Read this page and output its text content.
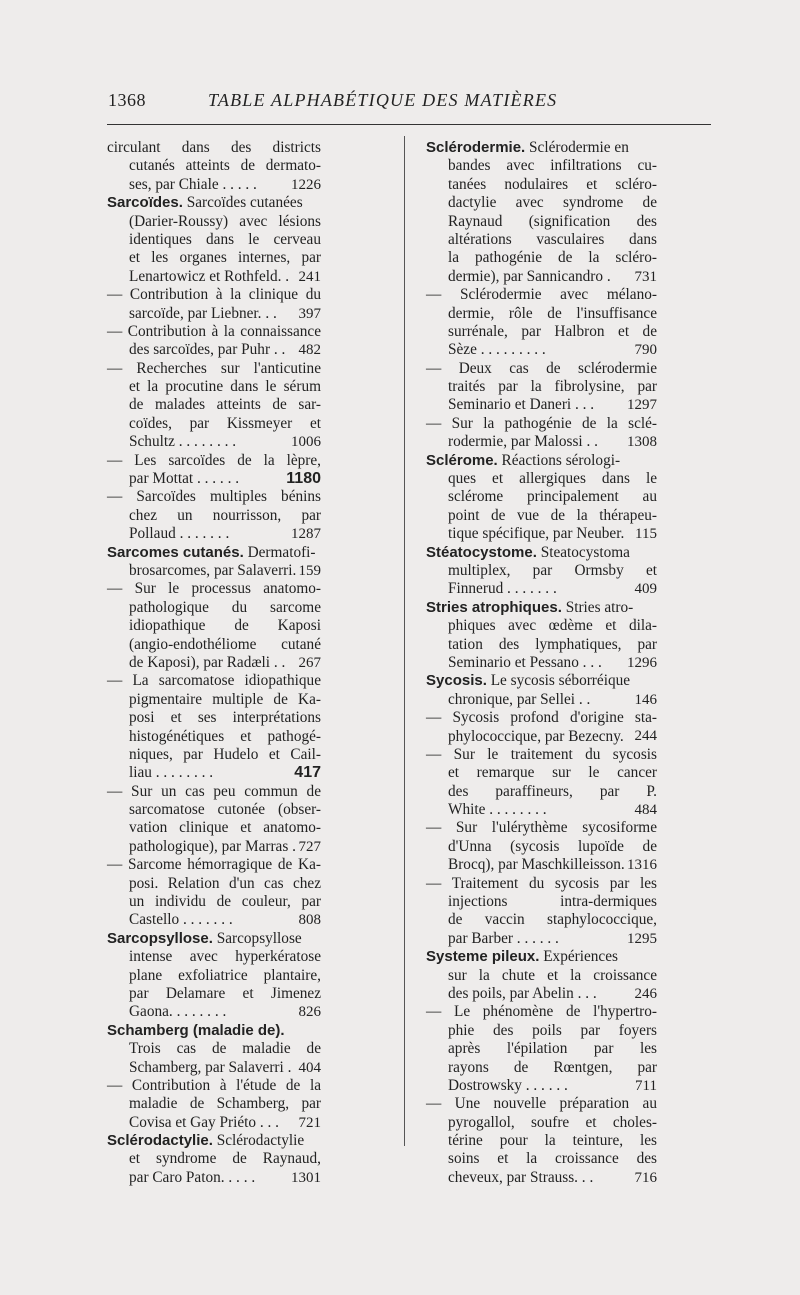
1368	TABLE ALPHABÉTIQUE DES MATIÈRES
circulant dans des districts
cutanés atteints de dermato-
ses, par Chiale . . . . .	1226
Sarcoïdes. Sarcoïdes cutanées
(Darier-Roussy) avec lésions
identiques dans le cerveau
et les organes internes, par
Lenartowicz et Rothfeld. . 241
— Contribution à la clinique du
sarcoïde, par Liebner. . .	397
— Contribution à la connaissance
des sarcoïdes, par Puhr . . 482
— Recherches sur l'anticutine
et la procutine dans le sérum
de malades atteints de sar-
coïdes, par Kissmeyer et
Schultz . . . . . . . .	1006
— Les sarcoïdes de la lèpre,
par Mottat . . . . . .	1180
— Sarcoïdes multiples bénins
chez un nourrisson, par
Pollaud . . . . . . .	1287
Sarcomes cutanés. Dermatofi-
brosarcomes, par Salaverri. 159
— Sur le processus anatomo-
pathologique du sarcome
idiopathique de Kaposi
(angio-endothéliome cutané
de Kaposi), par Radæli . . 267
— La sarcomatose idiopathique
pigmentaire multiple de Ka-
posi et ses interprétations
histogénétiques et pathogé-
niques, par Hudelo et Cail-
liau . . . . . . . .	417
— Sur un cas peu commun de
sarcomatose cutonée (obser-
vation clinique et anatomo-
pathologique), par Marras . 727
— Sarcome hémorragique de Ka-
posi. Relation d'un cas chez
un individu de couleur, par
Castello . . . . . . .	808
Sarcopsyllose. Sarcopsyllose
intense avec hyperkératose
plane exfoliatrice plantaire,
par Delamare et Jimenez
Gaona. . . . . . . .	826
Schamberg (maladie de).
Trois cas de maladie de
Schamberg, par Salaverri . 404
— Contribution à l'étude de la
maladie de Schamberg, par
Covisa et Gay Priéto . . .	721
Sclérodactylie. Sclérodactylie
et syndrome de Raynaud,
par Caro Paton. . . . .	1301
Sclérodermie. Sclérodermie en
bandes avec infiltrations cu-
tanées nodulaires et scléro-
dactylie avec syndrome de
Raynaud (signification des
altérations vasculaires dans
la pathogénie de la scléro-
dermie), par Sannicandro .	731
— Sclérodermie avec mélano-
dermie, rôle de l'insuffisance
surrénale, par Halbron et de
Sèze . . . . . . . . .	790
— Deux cas de sclérodermie
traités par la fibrolysine, par
Seminario et Daneri . . .	1297
— Sur la pathogénie de la sclé-
rodermie, par Malossi . .	1308
Sclérome. Réactions sérologi-
ques et allergiques dans le
sclérome principalement au
point de vue de la thérapeu-
tique spécifique, par Neuber. 115
Stéatocystome. Steatocystoma
multiplex, par Ormsby et
Finnerud . . . . . . .	409
Stries atrophiques. Stries atro-
phiques avec œdème et dila-
tation des lymphatiques, par
Seminario et Pessano . . .	1296
Sycosis. Le sycosis séborréique
chronique, par Sellei . .	146
— Sycosis profond d'origine sta-
phylococcique, par Bezecny. 244
— Sur le traitement du sycosis
et remarque sur le cancer
des paraffineurs, par P.
White . . . . . . . .	484
— Sur l'ulérythème sycosiforme
d'Unna (sycosis lupoïde de
Brocq), par Maschkilleisson. 1316
— Traitement du sycosis par les
injections intra-dermiques
de vaccin staphylococcique,
par Barber . . . . . .	1295
Systeme pileux. Expériences
sur la chute et la croissance
des poils, par Abelin . . .	246
— Le phénomène de l'hypertro-
phie des poils par foyers
après l'épilation par les
rayons de Rœntgen, par
Dostrowsky . . . . . .	711
— Une nouvelle préparation au
pyrogallol, soufre et choles-
térine pour la teinture, les
soins et la croissance des
cheveux, par Strauss. . .	716
